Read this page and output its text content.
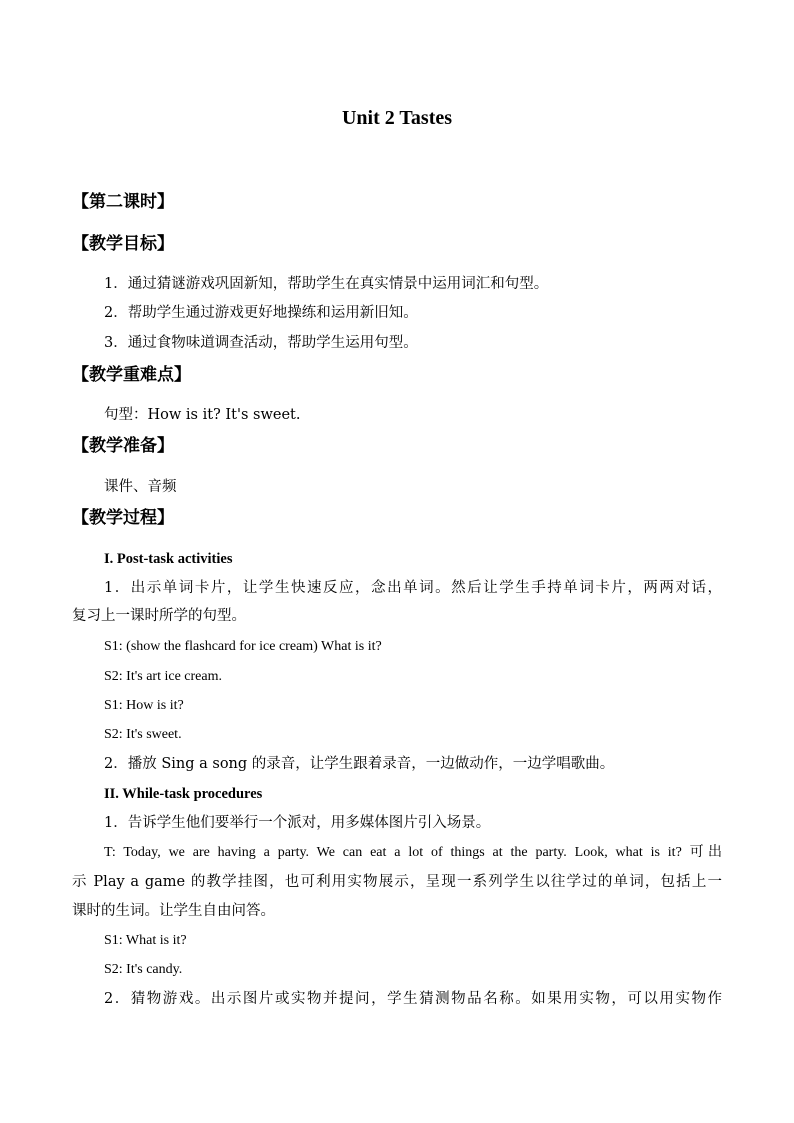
Unit 2 Tastes
【第二课时】
【教学目标】
1．通过猜谜游戏巩固新知，帮助学生在真实情景中运用词汇和句型。
2．帮助学生通过游戏更好地操练和运用新旧知。
3．通过食物味道调查活动，帮助学生运用句型。
【教学重难点】
句型：How is it? It's sweet.
【教学准备】
课件、音频
【教学过程】
I. Post-task activities
1．出示单词卡片，让学生快速反应，念出单词。然后让学生手持单词卡片，两两对话，
复习上一课时所学的句型。
S1: (show the flashcard for ice cream) What is it?
S2: It's art ice cream.
S1: How is it?
S2: It's sweet.
2．播放 Sing a song 的录音，让学生跟着录音，一边做动作，一边学唱歌曲。
II. While-task procedures
1．告诉学生他们要举行一个派对，用多媒体图片引入场景。
T: Today, we are having a party. We can eat a lot of things at the party. Look, what is it? 可出
示 Play a game 的教学挂图，也可利用实物展示，呈现一系列学生以往学过的单词，包括上一
课时的生词。让学生自由问答。
S1: What is it?
S2: It's candy.
2．猜物游戏。出示图片或实物并提问，学生猜测物品名称。如果用实物，可以用实物作
